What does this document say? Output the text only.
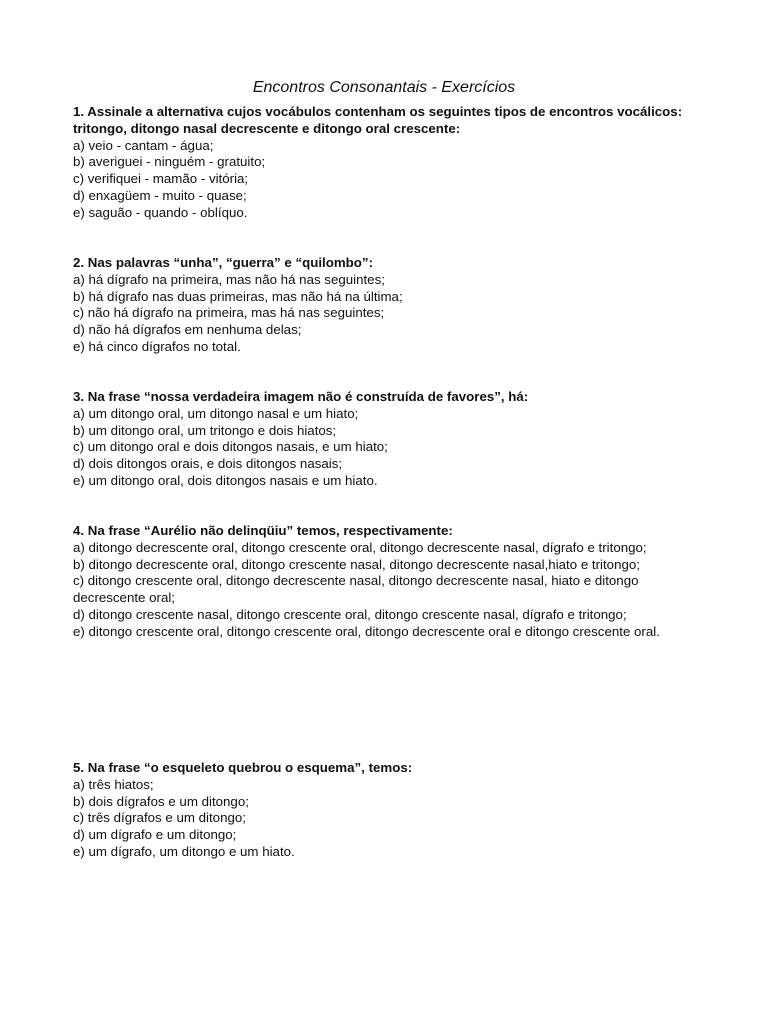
Encontros Consonantais - Exercícios

1. Assinale a alternativa cujos vocábulos contenham os seguintes tipos de encontros vocálicos: tritongo, ditongo nasal decrescente e ditongo oral crescente:

a) veio - cantam - água;
b) averiguei - ninguém - gratuito;
c) verifiquei - mamão - vitória;
d) enxagüem - muito - quase;
e) saguão - quando - oblíquo.

2. Nas palavras “unha”, “guerra” e “quilombo”:

a) há dígrafo na primeira, mas não há nas seguintes;
b) há dígrafo nas duas primeiras, mas não há na última;
c) não há dígrafo na primeira, mas há nas seguintes;
d) não há dígrafos em nenhuma delas;
e) há cinco dígrafos no total.

3. Na frase “nossa verdadeira imagem não é construída de favores”, há:

a) um ditongo oral, um ditongo nasal e um hiato;
b) um ditongo oral, um tritongo e dois hiatos;
c) um ditongo oral e dois ditongos nasais, e um hiato;
d) dois ditongos orais, e dois ditongos nasais;
e) um ditongo oral, dois ditongos nasais e um hiato.

4. Na frase “Aurélio não delinqüiu” temos, respectivamente:

a) ditongo decrescente oral, ditongo crescente oral, ditongo decrescente nasal, dígrafo e tritongo;
b) ditongo decrescente oral, ditongo crescente nasal, ditongo decrescente nasal,hiato e tritongo;
c) ditongo crescente oral, ditongo decrescente nasal, ditongo decrescente nasal, hiato e ditongo
decrescente oral;
d) ditongo crescente nasal, ditongo crescente oral, ditongo crescente nasal, dígrafo e tritongo;
e) ditongo crescente oral, ditongo crescente oral, ditongo decrescente oral e ditongo crescente oral.

5. Na frase “o esqueleto quebrou o esquema”, temos:

a) três hiatos;
b) dois dígrafos e um ditongo;
c) três dígrafos e um ditongo;
d) um dígrafo e um ditongo;
e) um dígrafo, um ditongo e um hiato.
